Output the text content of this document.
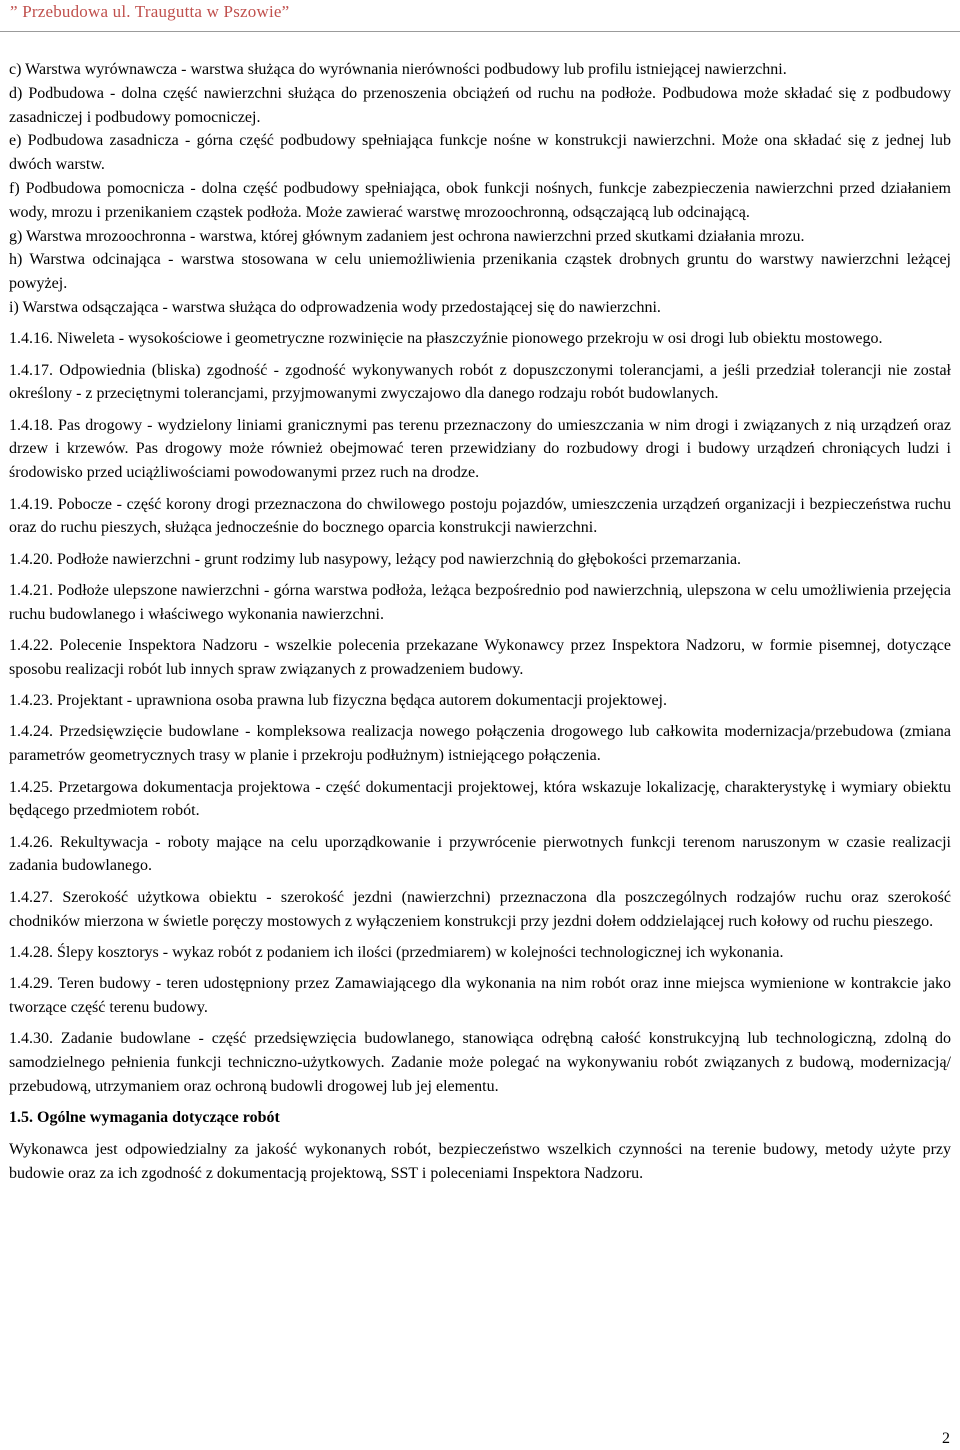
” Przebudowa ul. Traugutta w Pszowie”

c) Warstwa wyrównawcza - warstwa służąca do wyrównania nierówności podbudowy lub profilu istniejącej nawierzchni.

d) Podbudowa - dolna część nawierzchni służąca do przenoszenia obciążeń od ruchu na podłoże. Podbudowa może składać się z podbudowy zasadniczej i podbudowy pomocniczej.

e) Podbudowa zasadnicza - górna część podbudowy spełniająca funkcje nośne w konstrukcji nawierzchni. Może ona składać się z jednej lub dwóch warstw.

f) Podbudowa pomocnicza - dolna część podbudowy spełniająca, obok funkcji nośnych, funkcje zabezpieczenia nawierzchni przed działaniem wody, mrozu i przenikaniem cząstek podłoża. Może zawierać warstwę mrozoochronną, odsączającą lub odcinającą.

g) Warstwa mrozoochronna - warstwa, której głównym zadaniem jest ochrona nawierzchni przed skutkami działania mrozu.

h) Warstwa odcinająca - warstwa stosowana w celu uniemożliwienia przenikania cząstek drobnych gruntu do warstwy nawierzchni leżącej powyżej.

i) Warstwa odsączająca - warstwa służąca do odprowadzenia wody przedostającej się do nawierzchni.

1.4.16. Niweleta - wysokościowe i geometryczne rozwinięcie na płaszczyźnie pionowego przekroju w osi drogi lub obiektu mostowego.

1.4.17. Odpowiednia (bliska) zgodność - zgodność wykonywanych robót z dopuszczonymi tolerancjami, a jeśli przedział tolerancji nie został określony - z przeciętnymi tolerancjami, przyjmowanymi zwyczajowo dla danego rodzaju robót budowlanych.

1.4.18. Pas drogowy - wydzielony liniami granicznymi pas terenu przeznaczony do umieszczania w nim drogi i związanych z nią urządzeń oraz drzew i krzewów. Pas drogowy może również obejmować teren przewidziany do rozbudowy drogi i budowy urządzeń chroniących ludzi i środowisko przed uciążliwościami powodowanymi przez ruch na drodze.

1.4.19. Pobocze - część korony drogi przeznaczona do chwilowego postoju pojazdów, umieszczenia urządzeń organizacji i bezpieczeństwa ruchu oraz do ruchu pieszych, służąca jednocześnie do bocznego oparcia konstrukcji nawierzchni.

1.4.20. Podłoże nawierzchni - grunt rodzimy lub nasypowy, leżący pod nawierzchnią do głębokości przemarzania.

1.4.21. Podłoże ulepszone nawierzchni - górna warstwa podłoża, leżąca bezpośrednio pod nawierzchnią, ulepszona w celu umożliwienia przejęcia ruchu budowlanego i właściwego wykonania nawierzchni.

1.4.22. Polecenie Inspektora Nadzoru - wszelkie polecenia przekazane Wykonawcy przez Inspektora Nadzoru, w formie pisemnej, dotyczące sposobu realizacji robót lub innych spraw związanych z prowadzeniem budowy.

1.4.23. Projektant - uprawniona osoba prawna lub fizyczna będąca autorem dokumentacji projektowej.

1.4.24. Przedsięwzięcie budowlane - kompleksowa realizacja nowego połączenia drogowego lub całkowita modernizacja/przebudowa (zmiana parametrów geometrycznych trasy w planie i przekroju podłużnym) istniejącego połączenia.

1.4.25. Przetargowa dokumentacja projektowa - część dokumentacji projektowej, która wskazuje lokalizację, charakterystykę i wymiary obiektu będącego przedmiotem robót.

1.4.26. Rekultywacja - roboty mające na celu uporządkowanie i przywrócenie pierwotnych funkcji terenom naruszonym w czasie realizacji zadania budowlanego.

1.4.27. Szerokość użytkowa obiektu - szerokość jezdni (nawierzchni) przeznaczona dla poszczególnych rodzajów ruchu oraz szerokość chodników mierzona w świetle poręczy mostowych z wyłączeniem konstrukcji przy jezdni dołem oddzielającej ruch kołowy od ruchu pieszego.

1.4.28. Ślepy kosztorys - wykaz robót z podaniem ich ilości (przedmiarem) w kolejności technologicznej ich wykonania.

1.4.29. Teren budowy - teren udostępniony przez Zamawiającego dla wykonania na nim robót oraz inne miejsca wymienione w kontrakcie jako tworzące część terenu budowy.

1.4.30. Zadanie budowlane - część przedsięwzięcia budowlanego, stanowiąca odrębną całość konstrukcyjną lub technologiczną, zdolną do samodzielnego pełnienia funkcji techniczno-użytkowych. Zadanie może polegać na wykonywaniu robót związanych z budową, modernizacją/ przebudową, utrzymaniem oraz ochroną budowli drogowej lub jej elementu.

1.5. Ogólne wymagania dotyczące robót

Wykonawca jest odpowiedzialny za jakość wykonanych robót, bezpieczeństwo wszelkich czynności na terenie budowy, metody użyte przy budowie oraz za ich zgodność z dokumentacją projektową, SST i poleceniami Inspektora Nadzoru.

2
